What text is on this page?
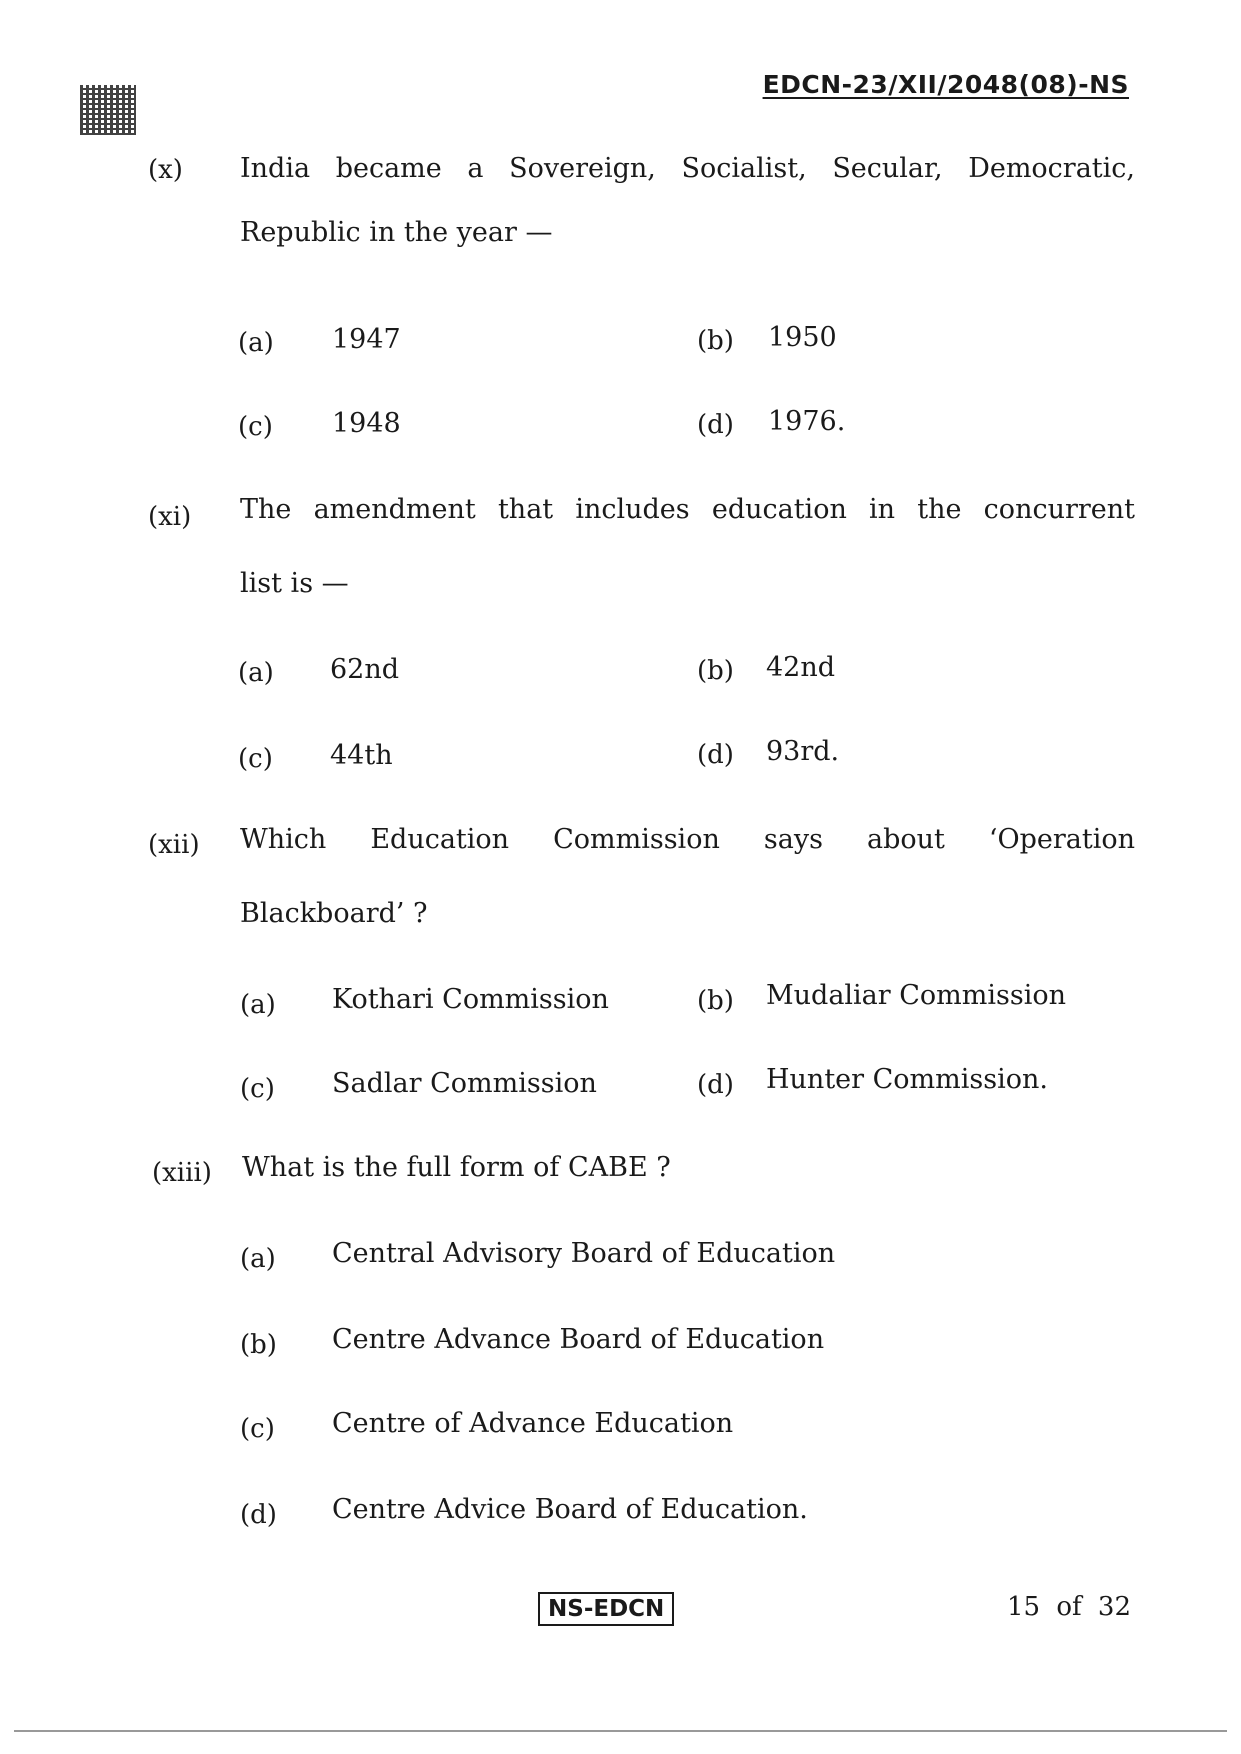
EDCN-23/XII/2048(08)-NS
(x) India became a Sovereign, Socialist, Secular, Democratic,
Republic in the year —
(a) 1947	(b) 1950
(c) 1948	(d) 1976.
(xi) The amendment that includes education in the concurrent
list is —
(a) 62nd	(b) 42nd
(c) 44th	(d) 93rd.
(xii) Which Education Commission says about ‘Operation
Blackboard’ ?
(a) Kothari Commission	(b) Mudaliar Commission
(c) Sadlar Commission	(d) Hunter Commission.
(xiii) What is the full form of CABE ?
(a) Central Advisory Board of Education
(b) Centre Advance Board of Education
(c) Centre of Advance Education
(d) Centre Advice Board of Education.
NS-EDCN	15 of 32
